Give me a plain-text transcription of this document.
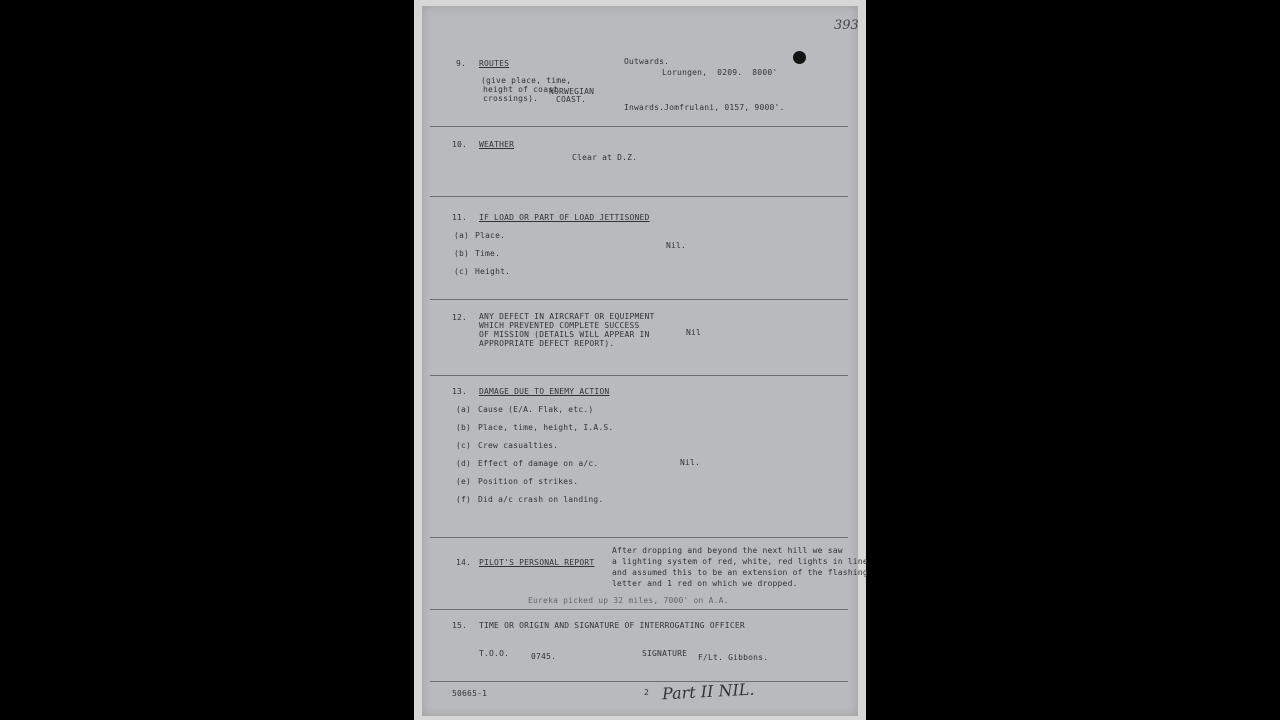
393
9. ROUTES
(give place, time,
height of coast
crossings).
NORWEGIAN
COAST.
Outwards.
Lorungen,  0209.  8000'
Inwards.Jomfrulani, 0157, 9000'.
10. WEATHER
Clear at D.Z.
11. IF LOAD OR PART OF LOAD JETTISONED
(a) Place.
(b) Time.
(c) Height.
Nil.
12. ANY DEFECT IN AIRCRAFT OR EQUIPMENT
WHICH PREVENTED COMPLETE SUCCESS
OF MISSION (DETAILS WILL APPEAR IN
APPROPRIATE DEFECT REPORT).
Nil
13. DAMAGE DUE TO ENEMY ACTION
(a) Cause (E/A. Flak, etc.)
(b) Place, time, height, I.A.S.
(c) Crew casualties.
(d) Effect of damage on a/c.
(e) Position of strikes.
(f) Did a/c crash on landing.
Nil.
14. PILOT'S PERSONAL REPORT
After dropping and beyond the next hill we saw
a lighting system of red, white, red lights in line
and assumed this to be an extension of the flashing
letter and 1 red on which we dropped.
Eureka picked up 32 miles, 7000' on A.A.
15. TIME OR ORIGIN AND SIGNATURE OF INTERROGATING OFFICER
T.O.O.	0745.	SIGNATURE F/Lt. Gibbons.
50665-1	2 Part II NIL.
